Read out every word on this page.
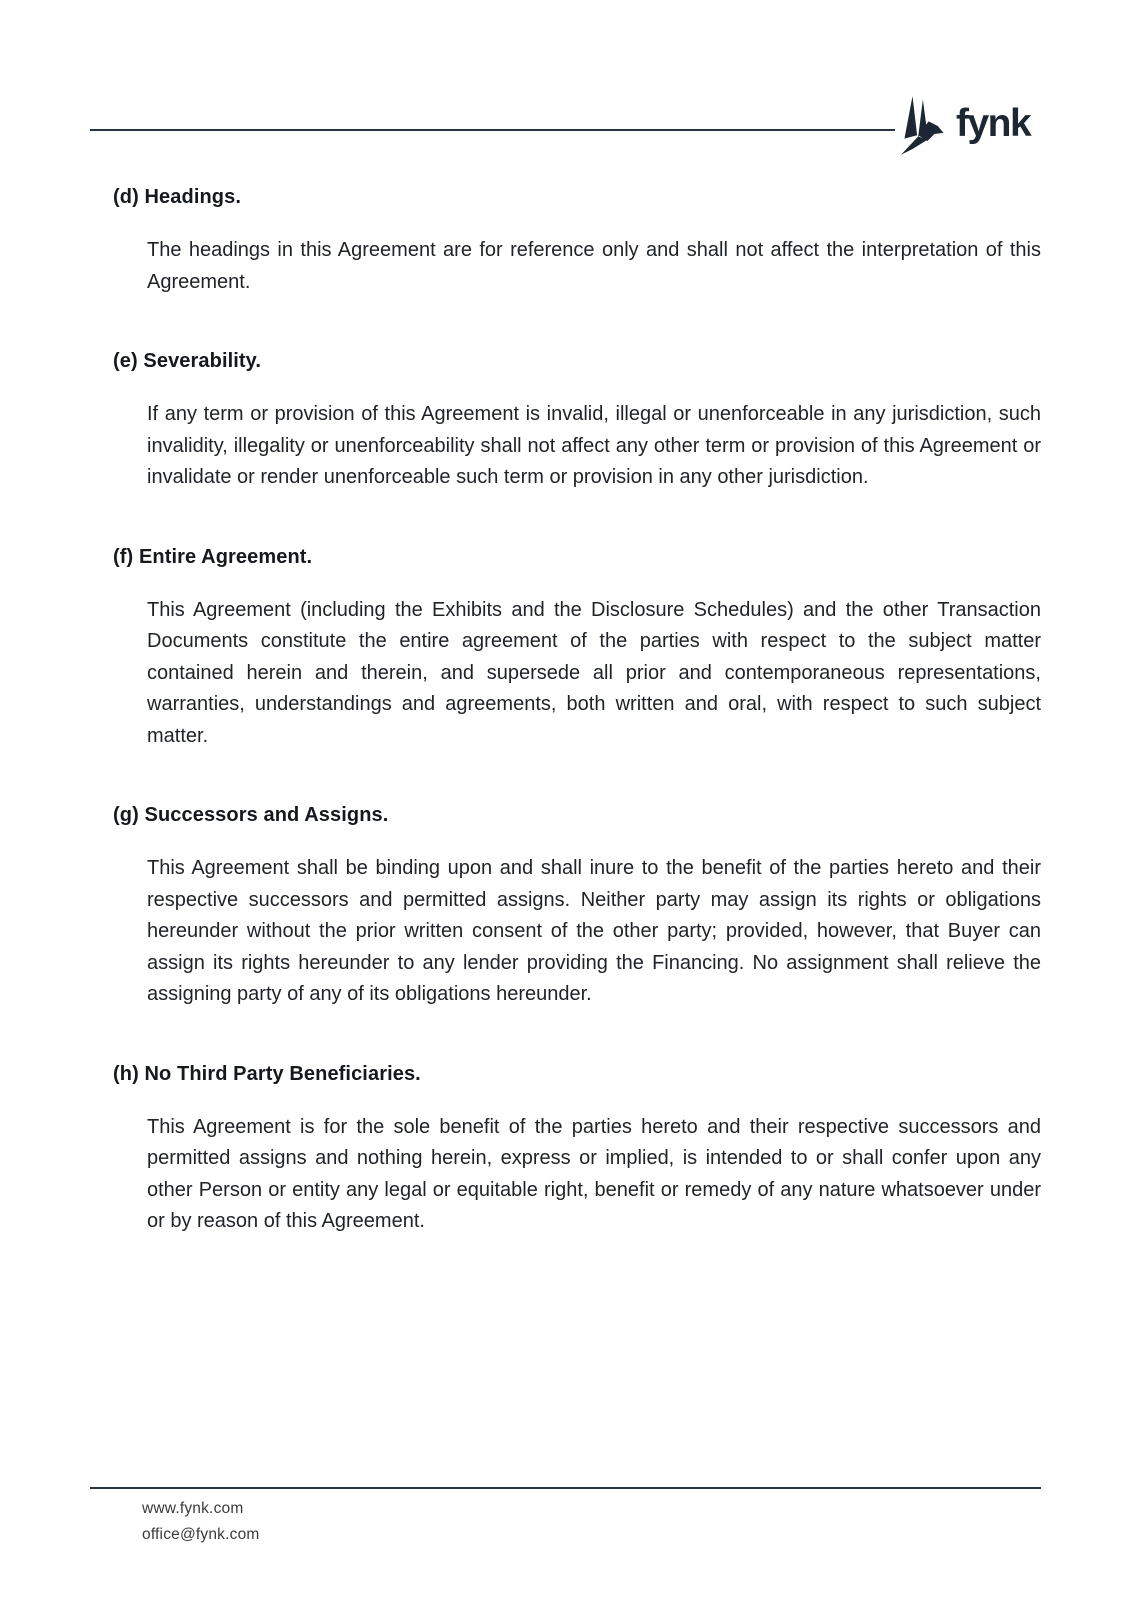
fynk
(d) Headings.

The headings in this Agreement are for reference only and shall not affect the interpretation of this Agreement.

(e) Severability.

If any term or provision of this Agreement is invalid, illegal or unenforceable in any jurisdiction, such invalidity, illegality or unenforceability shall not affect any other term or provision of this Agreement or invalidate or render unenforceable such term or provision in any other jurisdiction.

(f) Entire Agreement.

This Agreement (including the Exhibits and the Disclosure Schedules) and the other Transaction Documents constitute the entire agreement of the parties with respect to the subject matter contained herein and therein, and supersede all prior and contemporaneous representations, warranties, understandings and agreements, both written and oral, with respect to such subject matter.

(g) Successors and Assigns.

This Agreement shall be binding upon and shall inure to the benefit of the parties hereto and their respective successors and permitted assigns. Neither party may assign its rights or obligations hereunder without the prior written consent of the other party; provided, however, that Buyer can assign its rights hereunder to any lender providing the Financing. No assignment shall relieve the assigning party of any of its obligations hereunder.

(h) No Third Party Beneficiaries.

This Agreement is for the sole benefit of the parties hereto and their respective successors and permitted assigns and nothing herein, express or implied, is intended to or shall confer upon any other Person or entity any legal or equitable right, benefit or remedy of any nature whatsoever under or by reason of this Agreement.

www.fynk.com
office@fynk.com
